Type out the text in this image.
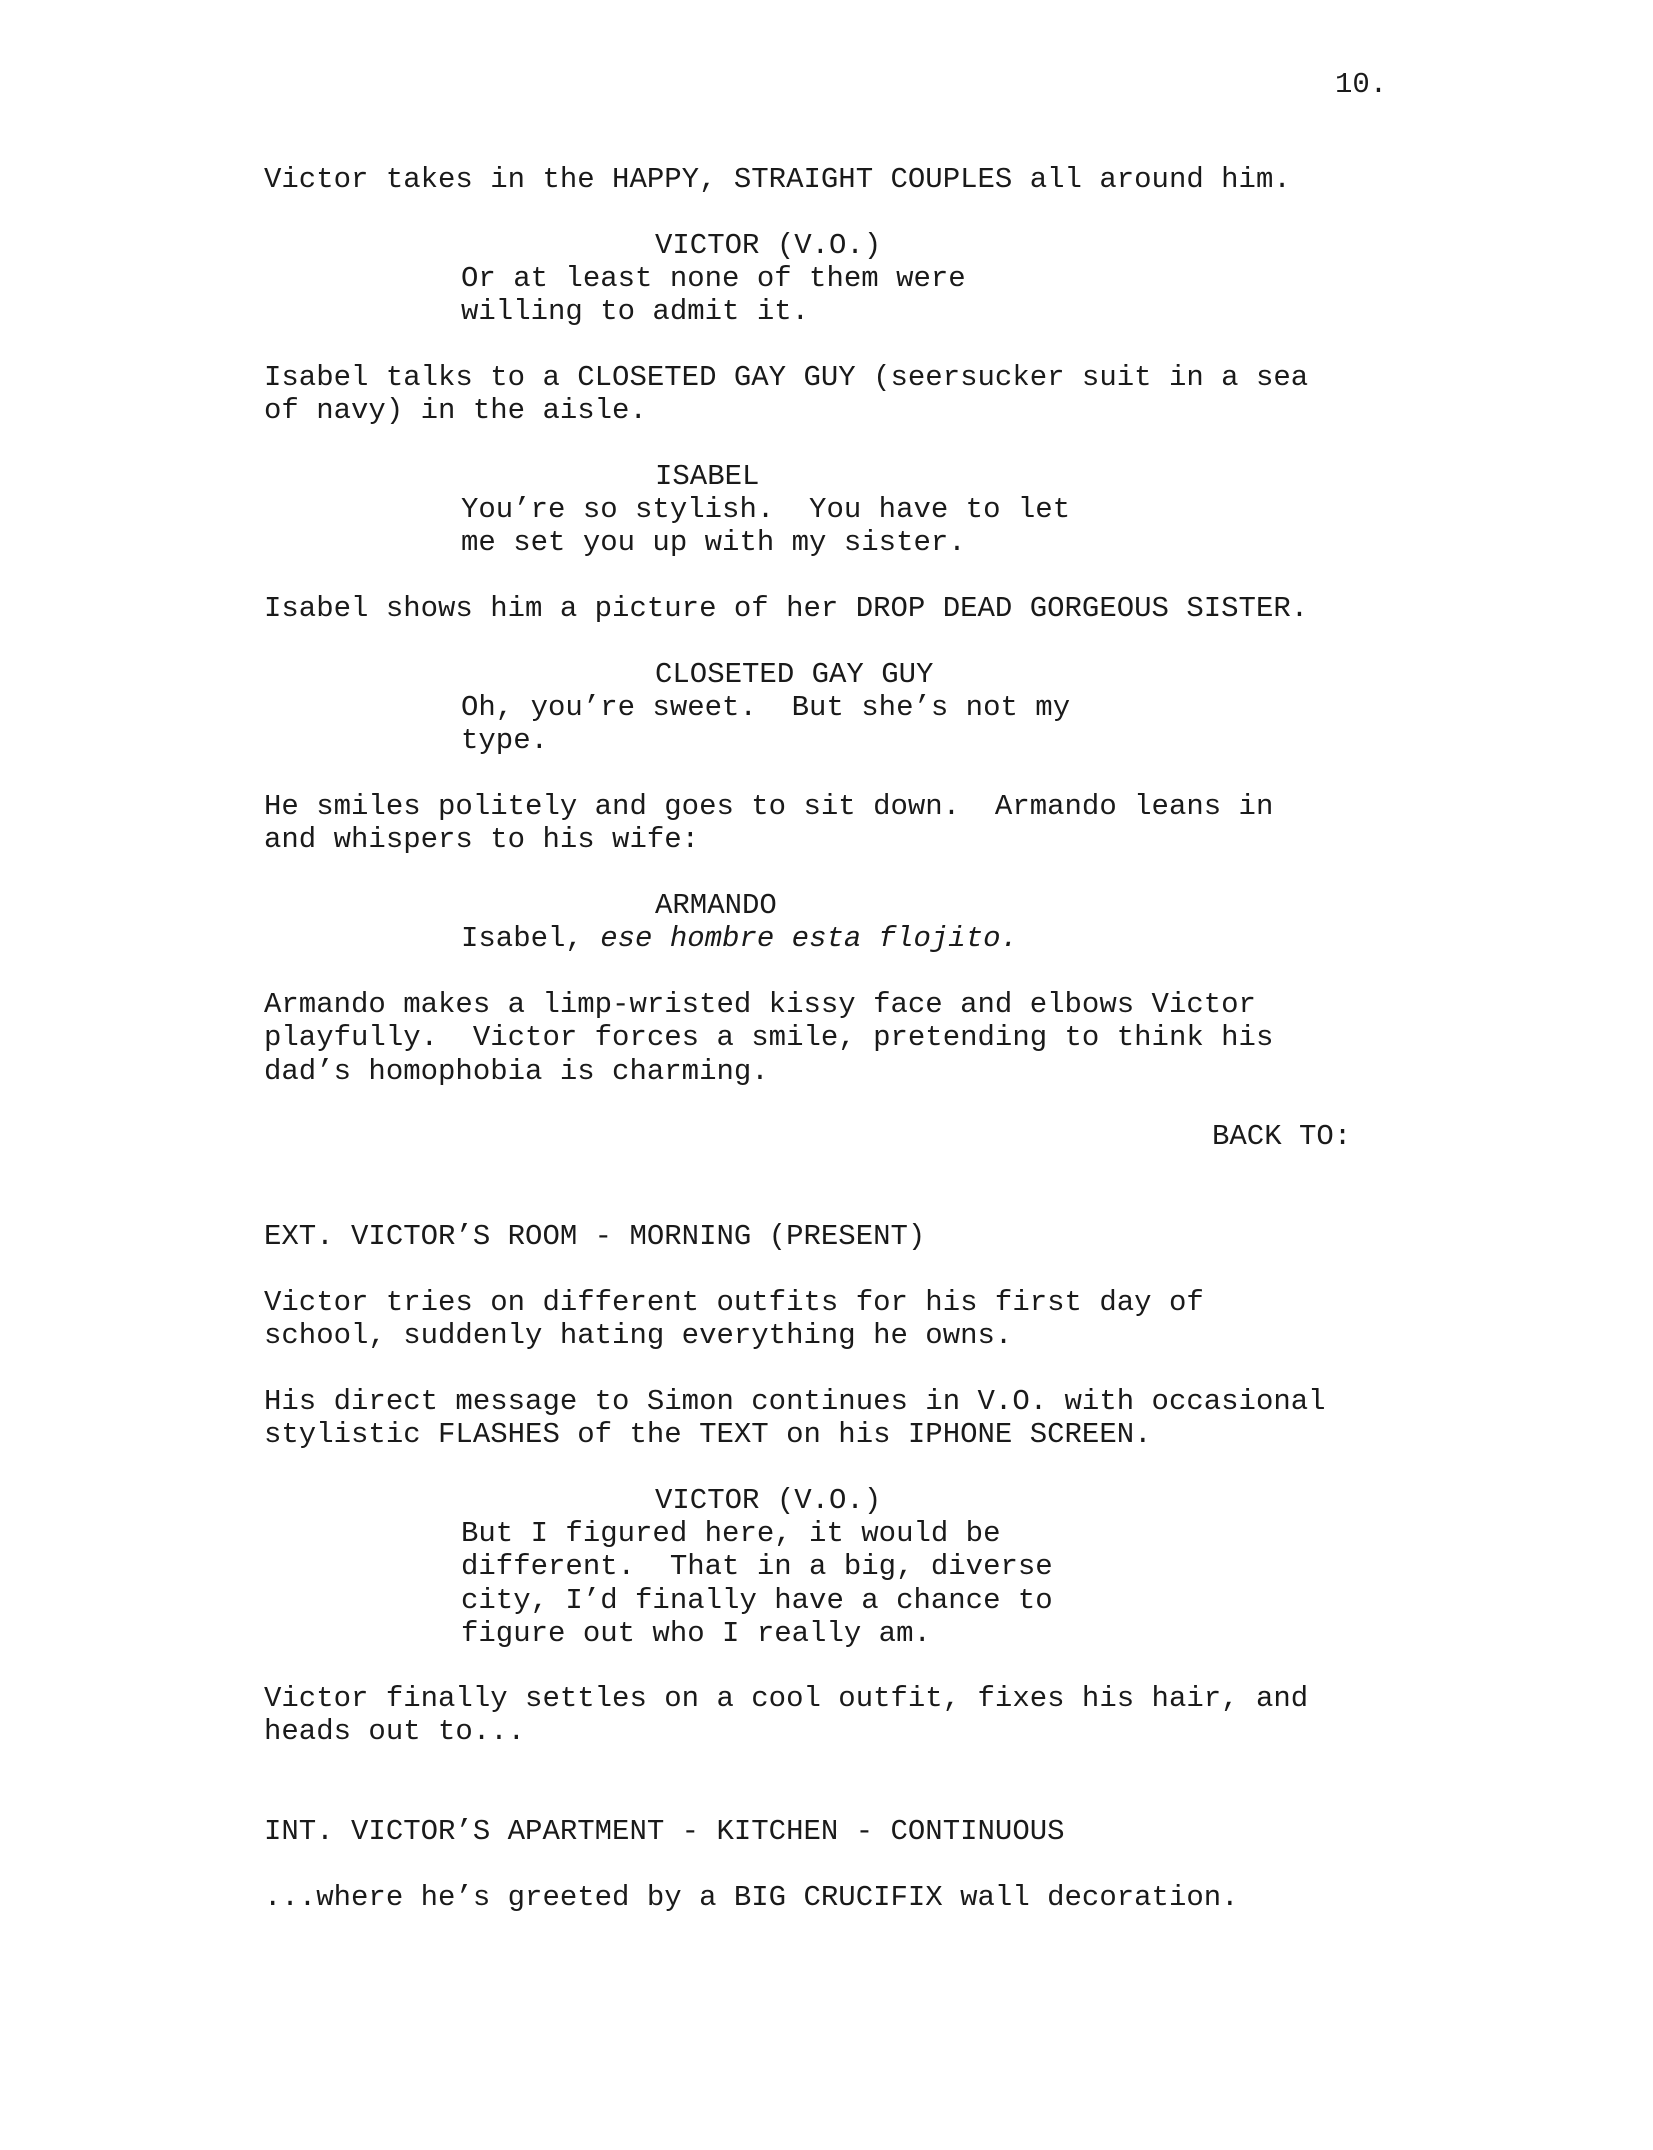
10.
Victor takes in the HAPPY, STRAIGHT COUPLES all around him.
VICTOR (V.O.)
Or at least none of them were
willing to admit it.
Isabel talks to a CLOSETED GAY GUY (seersucker suit in a sea
of navy) in the aisle.
ISABEL
You’re so stylish.  You have to let
me set you up with my sister.
Isabel shows him a picture of her DROP DEAD GORGEOUS SISTER.
CLOSETED GAY GUY
Oh, you’re sweet.  But she’s not my
type.
He smiles politely and goes to sit down.  Armando leans in
and whispers to his wife:
ARMANDO
Isabel, ese hombre esta flojito.
Armando makes a limp-wristed kissy face and elbows Victor
playfully.  Victor forces a smile, pretending to think his
dad’s homophobia is charming.
BACK TO:
EXT. VICTOR’S ROOM - MORNING (PRESENT)
Victor tries on different outfits for his first day of
school, suddenly hating everything he owns.
His direct message to Simon continues in V.O. with occasional
stylistic FLASHES of the TEXT on his IPHONE SCREEN.
VICTOR (V.O.)
But I figured here, it would be
different.  That in a big, diverse
city, I’d finally have a chance to
figure out who I really am.
Victor finally settles on a cool outfit, fixes his hair, and
heads out to...
INT. VICTOR’S APARTMENT - KITCHEN - CONTINUOUS
...where he’s greeted by a BIG CRUCIFIX wall decoration.
